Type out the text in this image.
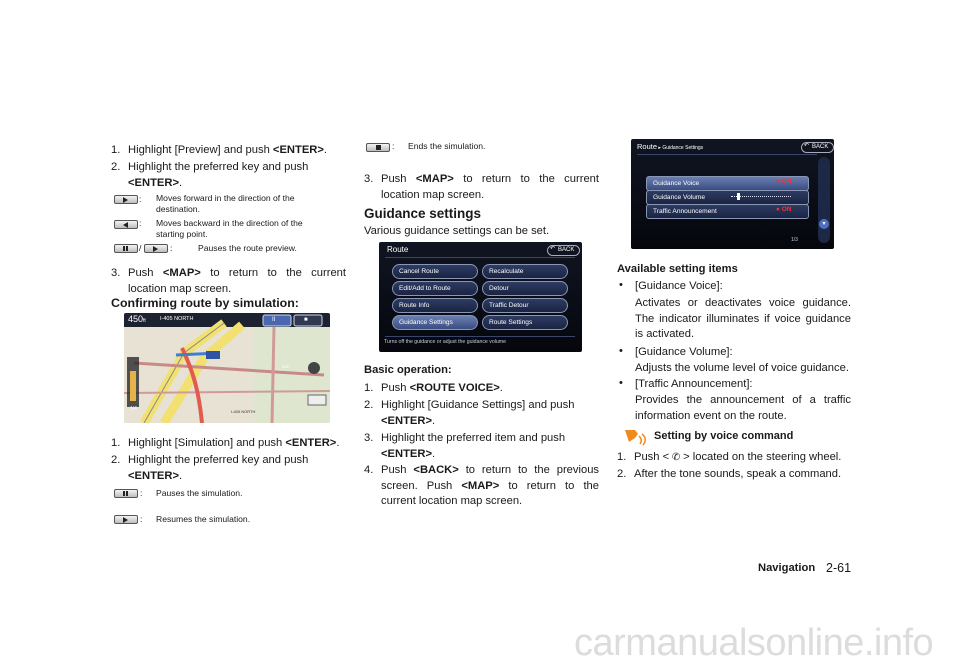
1. Highlight [Preview] and push <ENTER>.
2. Highlight the preferred key and push
<ENTER>.
: Moves forward in the direction of the destination.
: Moves backward in the direction of the starting point.
/	:	Pauses the route preview.
3. Push <MAP> to return to the current location map screen.
Confirming route by simulation:
450ft	I-405 NORTH
I-405 NORTH
1/4
405
II	■
1. Highlight [Simulation] and push <ENTER>.
2. Highlight the preferred key and push
<ENTER>.
: Pauses the simulation.
: Resumes the simulation.
: Ends the simulation.
3. Push <MAP> to return to the current location map screen.
Guidance settings
Various guidance settings can be set.
Route	BACK
↶
Cancel Route
Edit/Add to Route
Route Info
Guidance Settings
Recalculate
Detour
Traffic Detour
Route Settings
Turns off the guidance or adjust the guidance volume
Basic operation:
1. Push <ROUTE VOICE>.
2. Highlight [Guidance Settings] and push
<ENTER>.
3. Highlight the preferred item and push
<ENTER>.
4. Push <BACK> to return to the previous screen. Push <MAP> to return to the current location map screen.
Route ▸ Guidance Settings	BACK
↶
Guidance Voice	● ON
Guidance Volume
Traffic Announcement	● ON
▾
1/3
Available setting items
• [Guidance Voice]:
Activates or deactivates voice guidance. The indicator illuminates if voice guidance is activated.
• [Guidance Volume]:
Adjusts the volume level of voice guidance.
• [Traffic Announcement]:
Provides the announcement of a traffic information event on the route.
Setting by voice command
1. Push < ✆ > located on the steering wheel.
2. After the tone sounds, speak a command.
Navigation 2-61
carmanualsonline.info
